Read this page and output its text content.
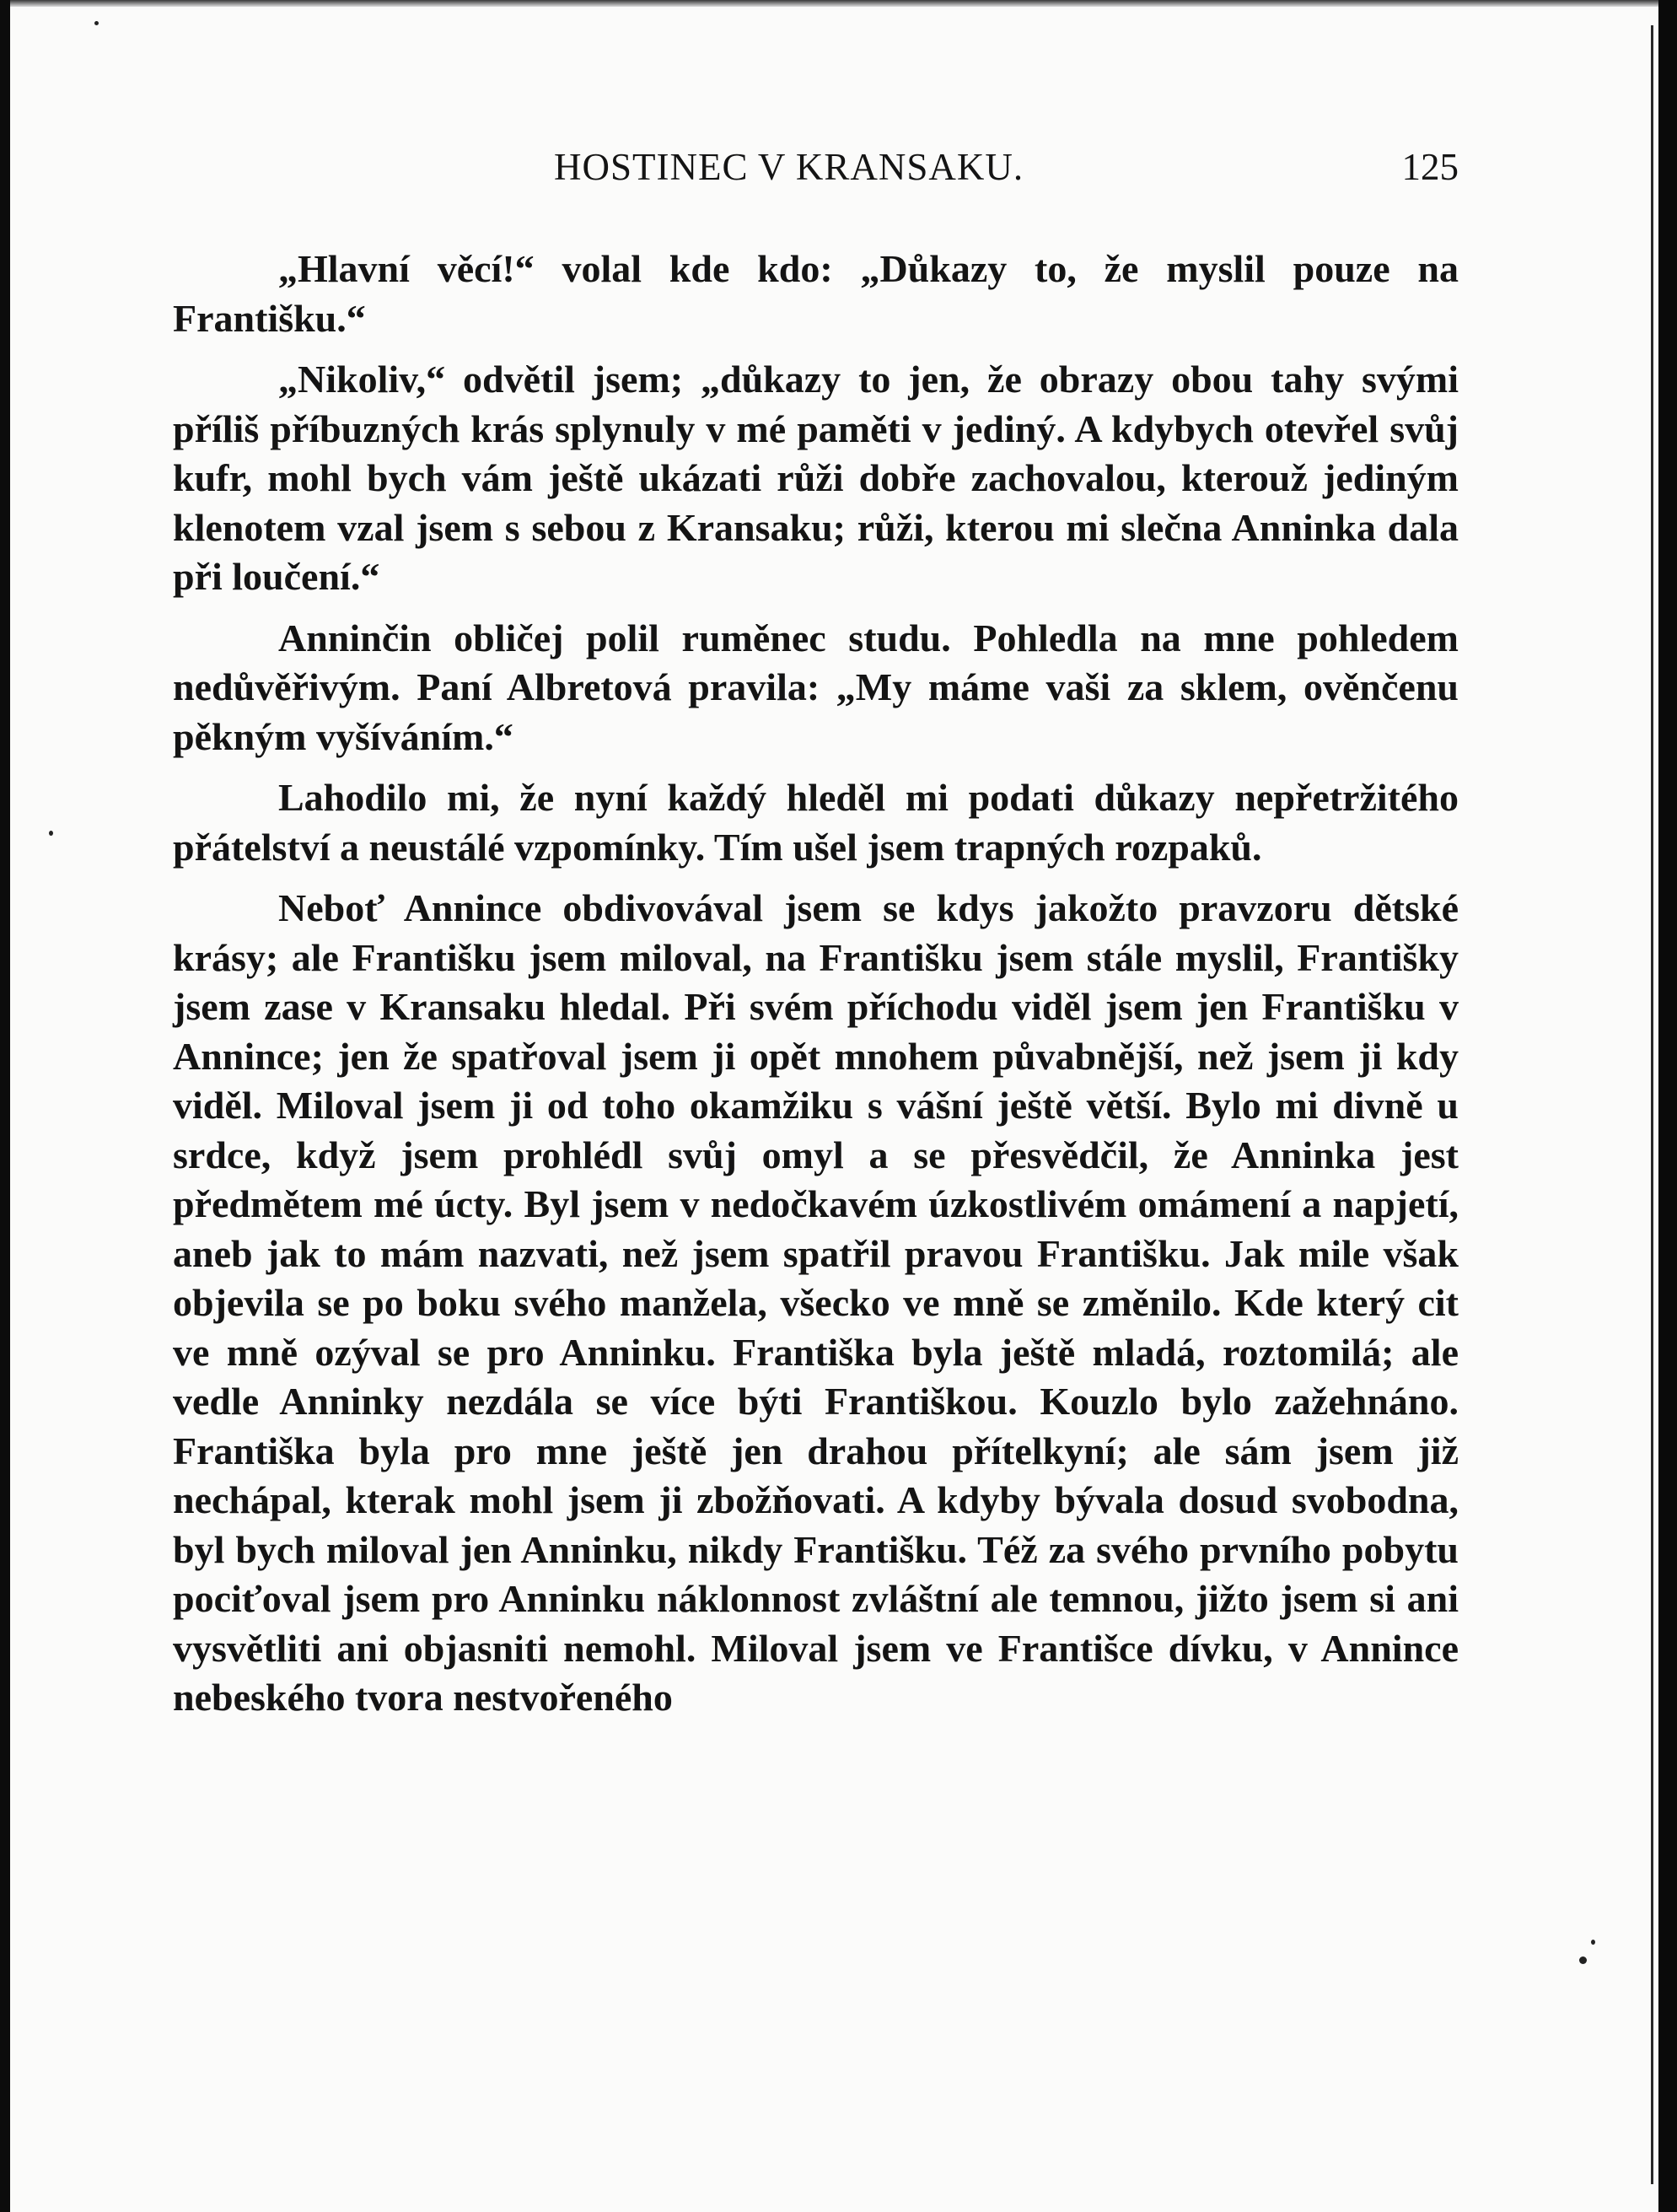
HOSTINEC V KRANSAKU.	125

„Hlavní věcí!“ volal kde kdo: „Důkazy to, že myslil pouze na Františku.“

„Nikoliv,“ odvětil jsem; „důkazy to jen, že obrazy obou tahy svými příliš příbuzných krás splynuly v mé paměti v jediný. A kdybych otevřel svůj kufr, mohl bych vám ještě ukázati růži dobře zachovalou, kterouž jediným klenotem vzal jsem s sebou z Kransaku; růži, kterou mi slečna Anninka dala při loučení.“

Anninčin obličej polil ruměnec studu. Pohledla na mne pohledem nedůvěřivým. Paní Albretová pravila: „My máme vaši za sklem, ověnčenu pěkným vyšíváním.“

Lahodilo mi, že nyní každý hleděl mi podati důkazy nepřetržitého přátelství a neustálé vzpomínky. Tím ušel jsem trapných rozpaků.

Neboť Annince obdivovával jsem se kdys jakožto pravzoru dětské krásy; ale Františku jsem miloval, na Františku jsem stále myslil, Františky jsem zase v Kransaku hledal. Při svém příchodu viděl jsem jen Františku v Annince; jen že spatřoval jsem ji opět mnohem půvabnější, než jsem ji kdy viděl. Miloval jsem ji od toho okamžiku s vášní ještě větší. Bylo mi divně u srdce, když jsem prohlédl svůj omyl a se přesvědčil, že Anninka jest předmětem mé úcty. Byl jsem v nedočkavém úzkostlivém omámení a napjetí, aneb jak to mám nazvati, než jsem spatřil pravou Františku. Jak mile však objevila se po boku svého manžela, všecko ve mně se změnilo. Kde který cit ve mně ozýval se pro Anninku. Františka byla ještě mladá, roztomilá; ale vedle Anninky nezdála se více býti Františkou. Kouzlo bylo zažehnáno. Františka byla pro mne ještě jen drahou přítelkyní; ale sám jsem již nechápal, kterak mohl jsem ji zbožňovati. A kdyby bývala dosud svobodna, byl bych miloval jen Anninku, nikdy Františku. Též za svého prvního pobytu pociťoval jsem pro Anninku náklonnost zvláštní ale temnou, jižto jsem si ani vysvětliti ani objasniti nemohl. Miloval jsem ve Františce dívku, v Annince nebeského tvora nestvořeného
